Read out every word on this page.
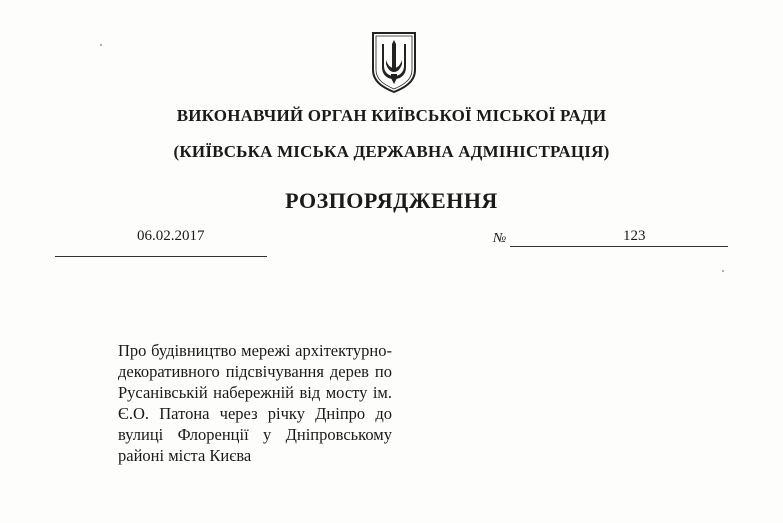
ВИКОНАВЧИЙ ОРГАН КИЇВСЬКОЇ МІСЬКОЇ РАДИ
(КИЇВСЬКА МІСЬКА ДЕРЖАВНА АДМІНІСТРАЦІЯ)
РОЗПОРЯДЖЕННЯ
06.02.2017	№	123
Про будівництво мережі архітектурно-декоративного підсвічування дерев по Русанівській набережній від мосту ім. Є.О. Патона через річку Дніпро до вулиці Флоренції у Дніпровському районі міста Києва
